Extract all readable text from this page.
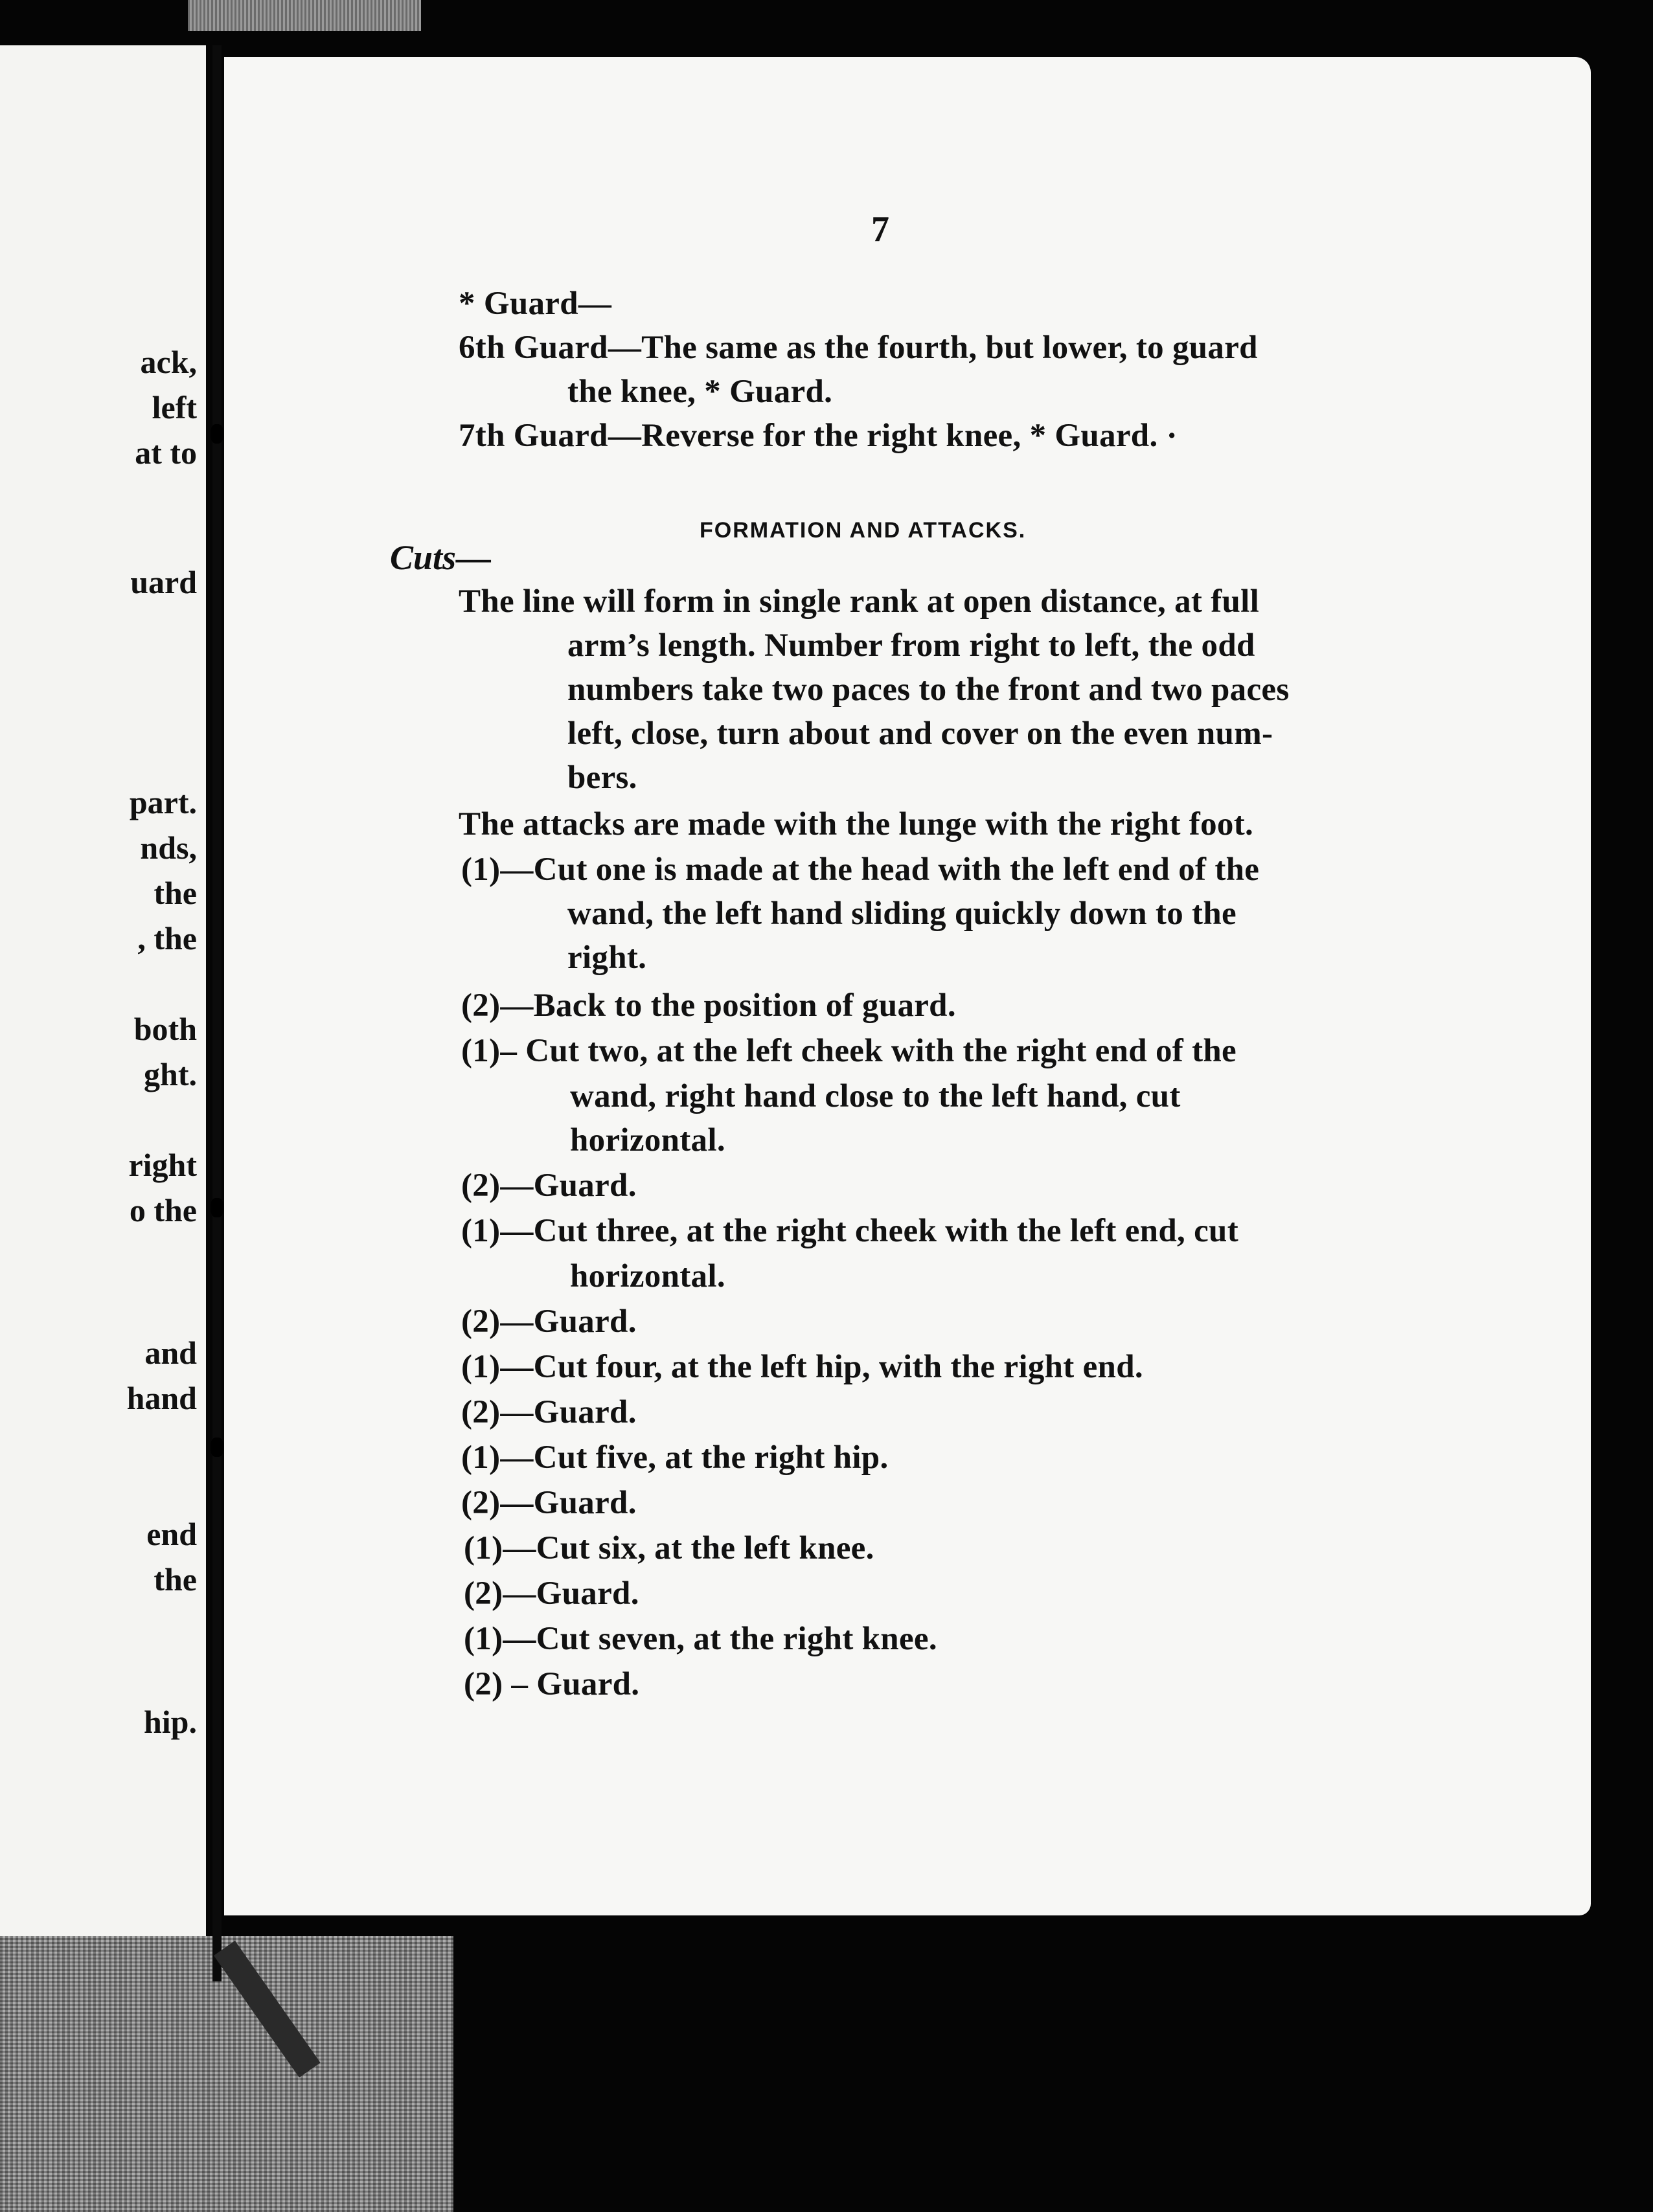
ack,
left
at to
uard
part.
nds,
the
, the
both
ght.
right
o the
and
hand
end
the
hip.
7
* Guard—
6th Guard—The same as the fourth, but lower, to guard
the knee, * Guard.
7th Guard—Reverse for the right knee, * Guard. ·
FORMATION AND ATTACKS.
Cuts—
The line will form in single rank at open distance, at full
arm’s length. Number from right to left, the odd
numbers take two paces to the front and two paces
left, close, turn about and cover on the even num-
bers.
The attacks are made with the lunge with the right foot.
(1)—Cut one is made at the head with the left end of the
wand, the left hand sliding quickly down to the
right.
(2)—Back to the position of guard.
(1)– Cut two, at the left cheek with the right end of the
wand, right hand close to the left hand, cut
horizontal.
(2)—Guard.
(1)—Cut three, at the right cheek with the left end, cut
horizontal.
(2)—Guard.
(1)—Cut four, at the left hip, with the right end.
(2)—Guard.
(1)—Cut five, at the right hip.
(2)—Guard.
(1)—Cut six, at the left knee.
(2)—Guard.
(1)—Cut seven, at the right knee.
(2) – Guard.
